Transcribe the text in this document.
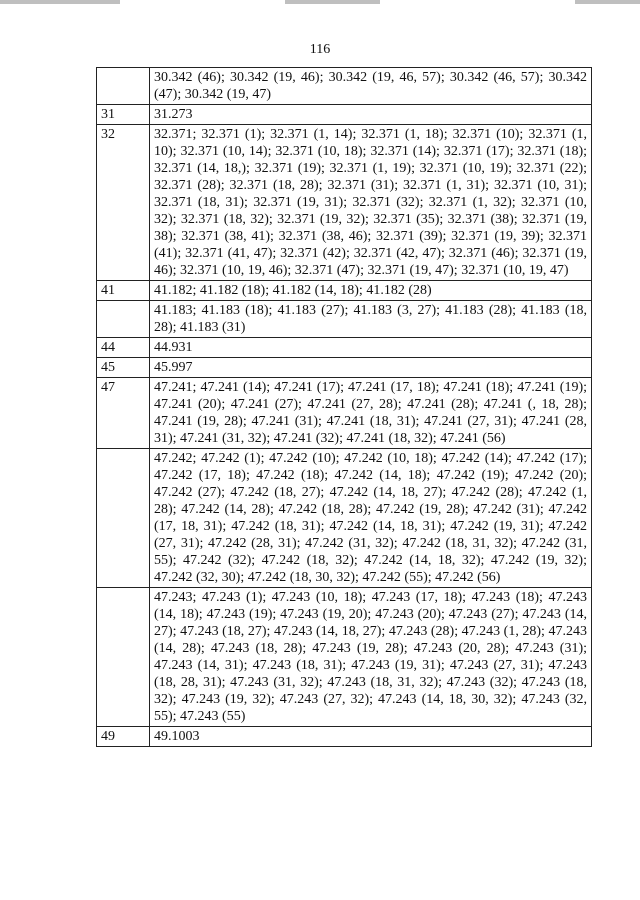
116
	30.342 (46); 30.342 (19, 46); 30.342 (19, 46, 57); 30.342 (46, 57); 30.342 (47); 30.342 (19, 47)
31	31.273
32	32.371; 32.371 (1); 32.371 (1, 14); 32.371 (1, 18); 32.371 (10); 32.371 (1, 10); 32.371 (10, 14); 32.371 (10, 18); 32.371 (14); 32.371 (17); 32.371 (18); 32.371 (14, 18,); 32.371 (19); 32.371 (1, 19); 32.371 (10, 19); 32.371 (22); 32.371 (28); 32.371 (18, 28); 32.371 (31); 32.371 (1, 31); 32.371 (10, 31); 32.371 (18, 31); 32.371 (19, 31); 32.371 (32); 32.371 (1, 32); 32.371 (10, 32); 32.371 (18, 32); 32.371 (19, 32); 32.371 (35); 32.371 (38); 32.371 (19, 38); 32.371 (38, 41); 32.371 (38, 46); 32.371 (39); 32.371 (19, 39); 32.371 (41); 32.371 (41, 47); 32.371 (42); 32.371 (42, 47); 32.371 (46); 32.371 (19, 46); 32.371 (10, 19, 46); 32.371 (47); 32.371 (19, 47); 32.371 (10, 19, 47)
41	41.182; 41.182 (18); 41.182 (14, 18); 41.182 (28)
	41.183; 41.183 (18); 41.183 (27); 41.183 (3, 27); 41.183 (28); 41.183 (18, 28); 41.183 (31)
44	44.931
45	45.997
47	47.241; 47.241 (14); 47.241 (17); 47.241 (17, 18); 47.241 (18); 47.241 (19); 47.241 (20); 47.241 (27); 47.241 (27, 28); 47.241 (28); 47.241 (, 18, 28); 47.241 (19, 28); 47.241 (31); 47.241 (18, 31); 47.241 (27, 31); 47.241 (28, 31); 47.241 (31, 32); 47.241 (32); 47.241 (18, 32); 47.241 (56)
	47.242; 47.242 (1); 47.242 (10); 47.242 (10, 18); 47.242 (14); 47.242 (17); 47.242 (17, 18); 47.242 (18); 47.242 (14, 18); 47.242 (19); 47.242 (20); 47.242 (27); 47.242 (18, 27); 47.242 (14, 18, 27); 47.242 (28); 47.242 (1, 28); 47.242 (14, 28); 47.242 (18, 28); 47.242 (19, 28); 47.242 (31); 47.242 (17, 18, 31); 47.242 (18, 31); 47.242 (14, 18, 31); 47.242 (19, 31); 47.242 (27, 31); 47.242 (28, 31); 47.242 (31, 32); 47.242 (18, 31, 32); 47.242 (31, 55); 47.242 (32); 47.242 (18, 32); 47.242 (14, 18, 32); 47.242 (19, 32); 47.242 (32, 30); 47.242 (18, 30, 32); 47.242 (55); 47.242 (56)
	47.243; 47.243 (1); 47.243 (10, 18); 47.243 (17, 18); 47.243 (18); 47.243 (14, 18); 47.243 (19); 47.243 (19, 20); 47.243 (20); 47.243 (27); 47.243 (14, 27); 47.243 (18, 27); 47.243 (14, 18, 27); 47.243 (28); 47.243 (1, 28); 47.243 (14, 28); 47.243 (18, 28); 47.243 (19, 28); 47.243 (20, 28); 47.243 (31); 47.243 (14, 31); 47.243 (18, 31); 47.243 (19, 31); 47.243 (27, 31); 47.243 (18, 28, 31); 47.243 (31, 32); 47.243 (18, 31, 32); 47.243 (32); 47.243 (18, 32); 47.243 (19, 32); 47.243 (27, 32); 47.243 (14, 18, 30, 32); 47.243 (32, 55); 47.243 (55)
49	49.1003
